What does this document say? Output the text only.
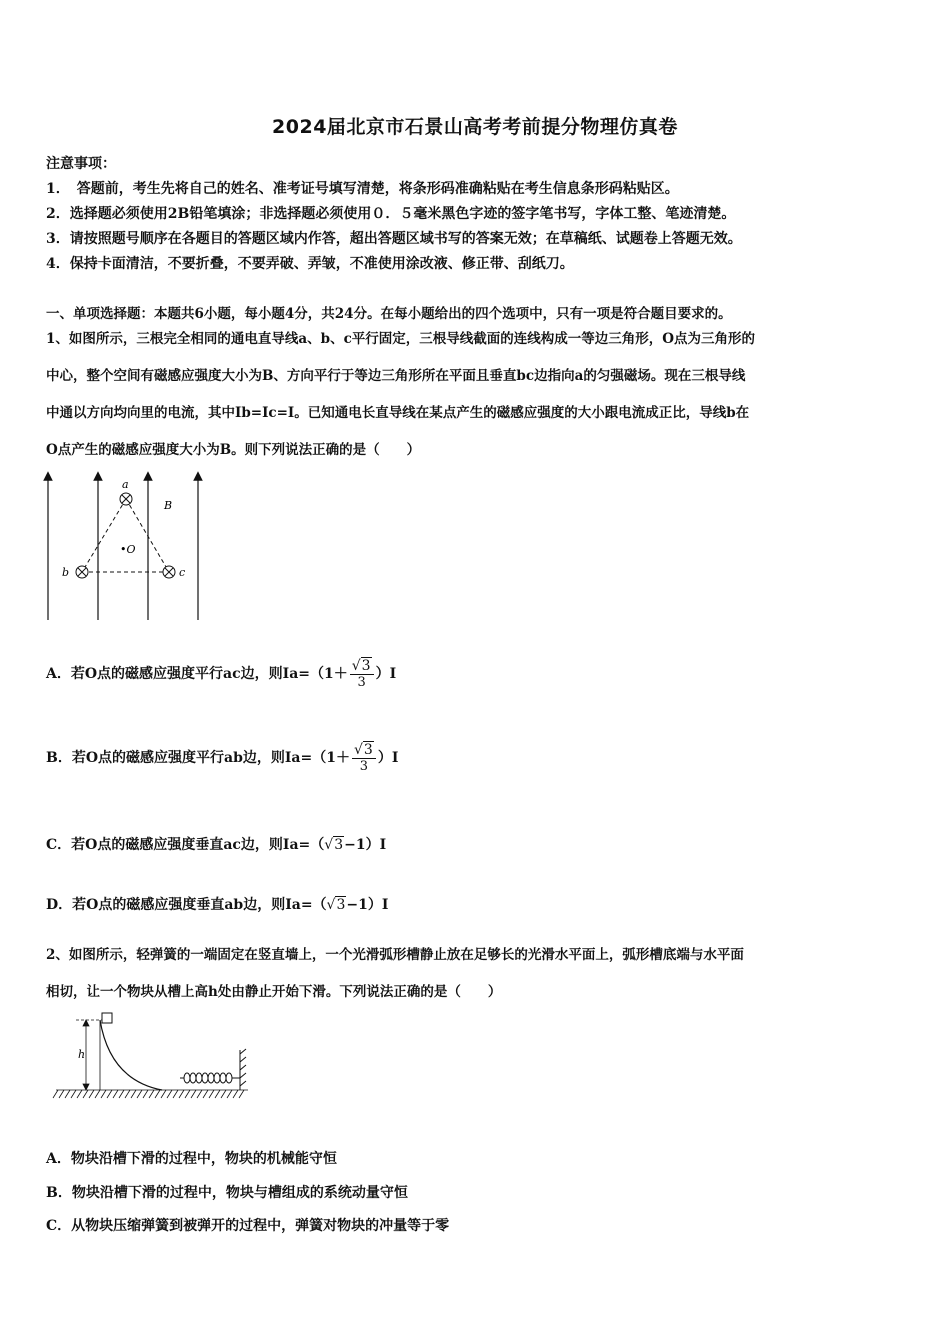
2024届北京市石景山高考考前提分物理仿真卷
注意事项：
1．　答题前，考生先将自己的姓名、准考证号填写清楚，将条形码准确粘贴在考生信息条形码粘贴区。
2．选择题必须使用2B铅笔填涂；非选择题必须使用０．５毫米黑色字迹的签字笔书写，字体工整、笔迹清楚。
3．请按照题号顺序在各题目的答题区域内作答，超出答题区域书写的答案无效；在草稿纸、试题卷上答题无效。
4．保持卡面清洁，不要折叠，不要弄破、弄皱，不准使用涂改液、修正带、刮纸刀。
一、单项选择题：本题共6小题，每小题4分，共24分。在每小题给出的四个选项中，只有一项是符合题目要求的。
1、如图所示，三根完全相同的通电直导线a、b、c平行固定，三根导线截面的连线构成一等边三角形，O点为三角形的
中心，整个空间有磁感应强度大小为B、方向平行于等边三角形所在平面且垂直bc边指向a的匀强磁场。现在三根导线
中通以方向均向里的电流，其中Ib=Ic=I。已知通电长直导线在某点产生的磁感应强度的大小跟电流成正比，导线b在
O点产生的磁感应强度大小为B。则下列说法正确的是（　　）
a
b	c
•O
B
A．若O点的磁感应强度平行ac边，则$Ia=(1+ \frac{√3}{3} )I$
B．若O点的磁感应强度平行ab边，则$Ia=(1+ \frac{√3}{3} )I$
C．若O点的磁感应强度垂直ac边，则Ia=（√3−1）I
D．若O点的磁感应强度垂直ab边，则Ia=（√3−1）I
2、如图所示，轻弹簧的一端固定在竖直墙上，一个光滑弧形槽静止放在足够长的光滑水平面上，弧形槽底端与水平面
相切，让一个物块从槽上高h处由静止开始下滑。下列说法正确的是（　　）
h
A．物块沿槽下滑的过程中，物块的机械能守恒
B．物块沿槽下滑的过程中，物块与槽组成的系统动量守恒
C．从物块压缩弹簧到被弹开的过程中，弹簧对物块的冲量等于零
